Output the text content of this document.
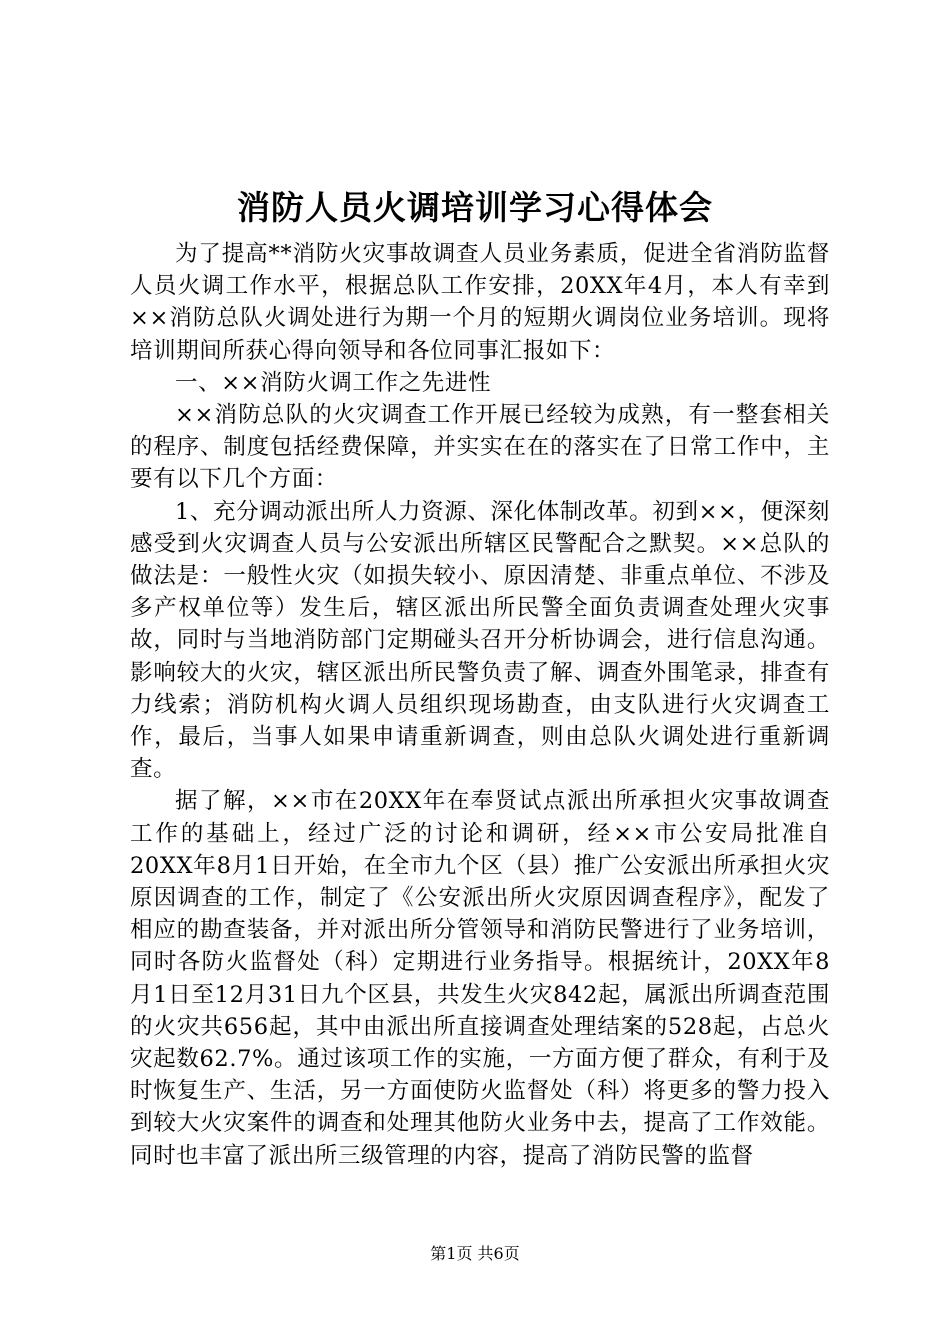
消防人员火调培训学习心得体会

为了提高**消防火灾事故调查人员业务素质，促进全省消防监督人员火调工作水平，根据总队工作安排，20XX年4月，本人有幸到××消防总队火调处进行为期一个月的短期火调岗位业务培训。现将培训期间所获心得向领导和各位同事汇报如下：

一、××消防火调工作之先进性

××消防总队的火灾调查工作开展已经较为成熟，有一整套相关的程序、制度包括经费保障，并实实在在的落实在了日常工作中，主要有以下几个方面：

1、充分调动派出所人力资源、深化体制改革。初到××，便深刻感受到火灾调查人员与公安派出所辖区民警配合之默契。××总队的做法是：一般性火灾（如损失较小、原因清楚、非重点单位、不涉及多产权单位等）发生后，辖区派出所民警全面负责调查处理火灾事故，同时与当地消防部门定期碰头召开分析协调会，进行信息沟通。影响较大的火灾，辖区派出所民警负责了解、调查外围笔录，排查有力线索；消防机构火调人员组织现场勘查，由支队进行火灾调查工作，最后，当事人如果申请重新调查，则由总队火调处进行重新调查。

据了解，××市在20XX年在奉贤试点派出所承担火灾事故调查工作的基础上，经过广泛的讨论和调研，经××市公安局批准自20XX年8月1日开始，在全市九个区（县）推广公安派出所承担火灾原因调查的工作，制定了《公安派出所火灾原因调查程序》，配发了相应的勘查装备，并对派出所分管领导和消防民警进行了业务培训，同时各防火监督处（科）定期进行业务指导。根据统计，20XX年8月1日至12月31日九个区县，共发生火灾842起，属派出所调查范围的火灾共656起，其中由派出所直接调查处理结案的528起，占总火灾起数62.7%。通过该项工作的实施，一方面方便了群众，有利于及时恢复生产、生活，另一方面使防火监督处（科）将更多的警力投入到较大火灾案件的调查和处理其他防火业务中去，提高了工作效能。同时也丰富了派出所三级管理的内容，提高了消防民警的监督

第1页 共6页
